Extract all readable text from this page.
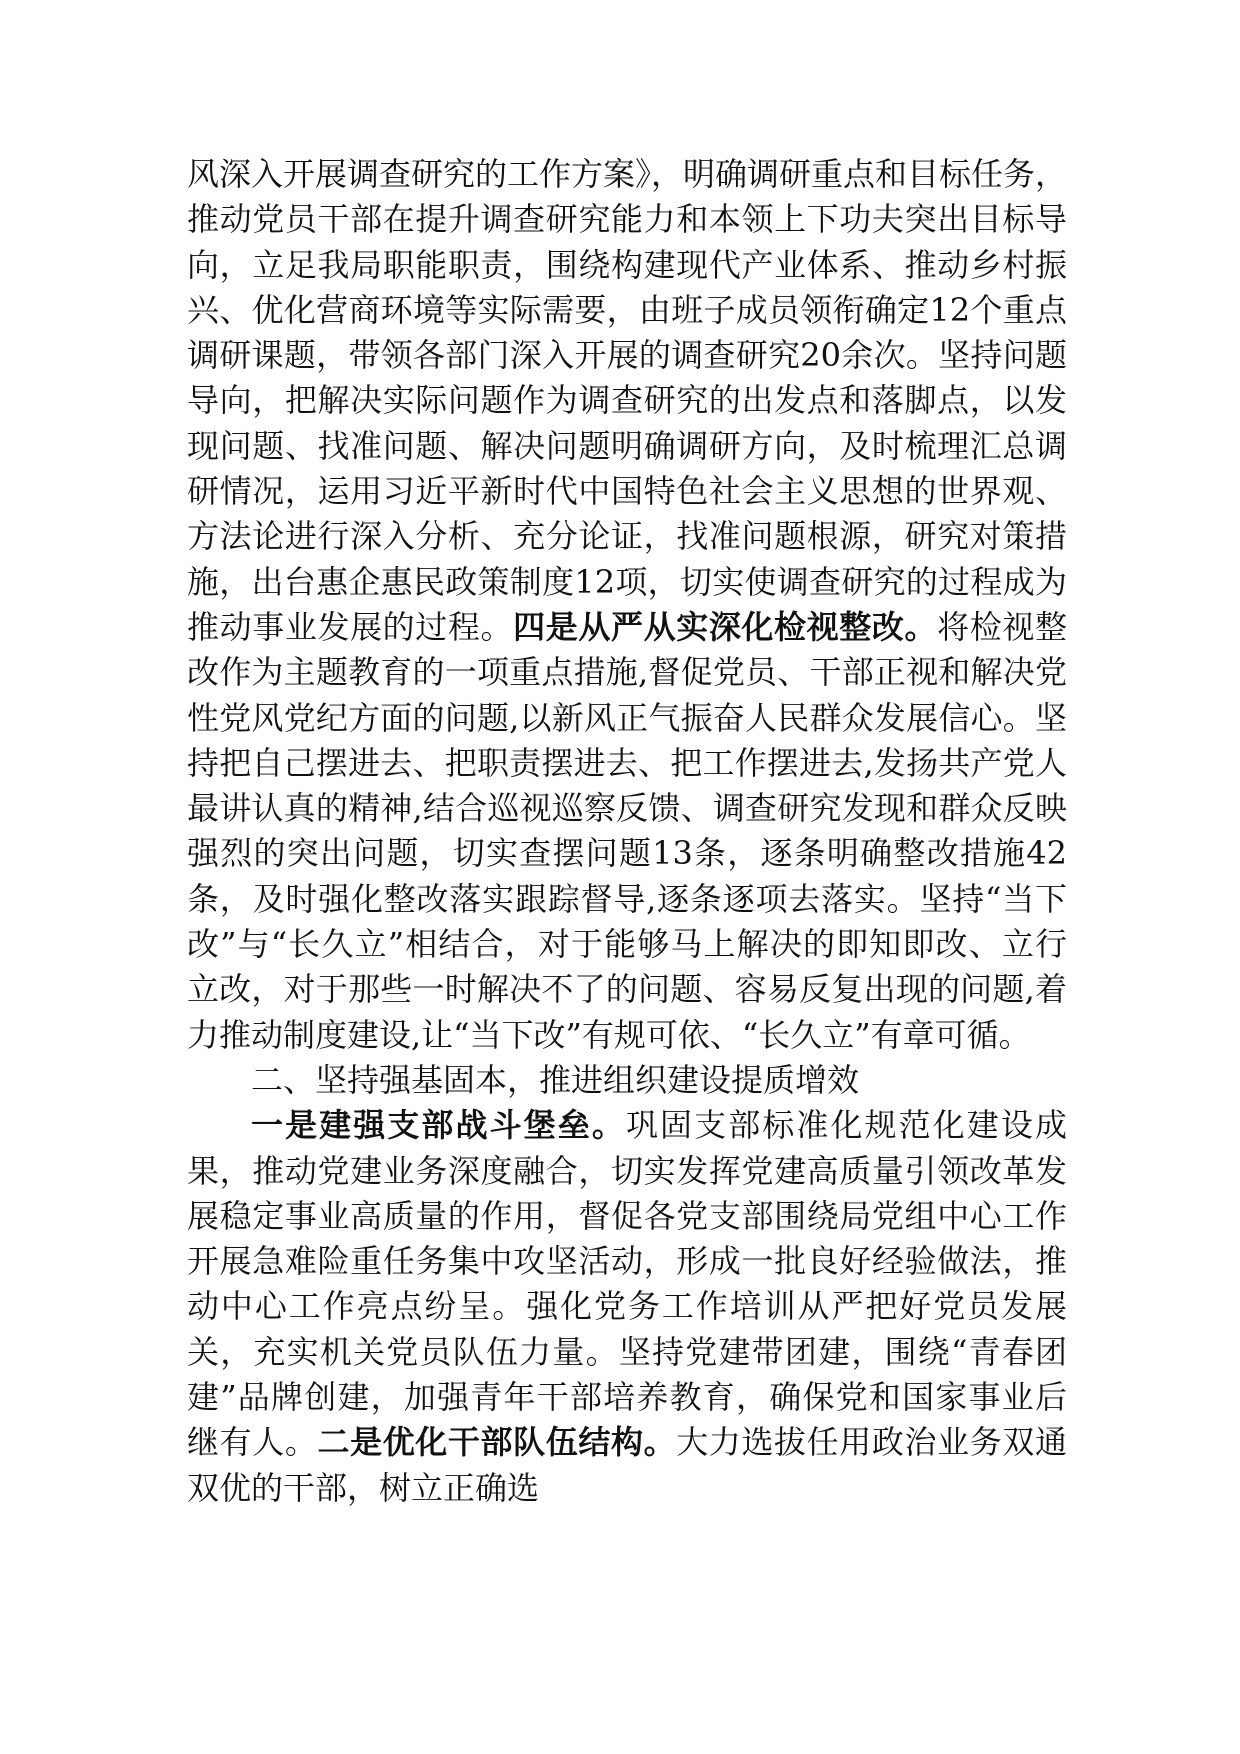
风深入开展调查研究的工作方案》，明确调研重点和目标任务，推动党员干部在提升调查研究能力和本领上下功夫突出目标导向，立足我局职能职责，围绕构建现代产业体系、推动乡村振兴、优化营商环境等实际需要，由班子成员领衔确定12个重点调研课题，带领各部门深入开展的调查研究20余次。坚持问题导向，把解决实际问题作为调查研究的出发点和落脚点，以发现问题、找准问题、解决问题明确调研方向，及时梳理汇总调研情况，运用习近平新时代中国特色社会主义思想的世界观、方法论进行深入分析、充分论证，找准问题根源，研究对策措施，出台惠企惠民政策制度12项，切实使调查研究的过程成为推动事业发展的过程。四是从严从实深化检视整改。将检视整改作为主题教育的一项重点措施,督促党员、干部正视和解决党性党风党纪方面的问题,以新风正气振奋人民群众发展信心。坚持把自己摆进去、把职责摆进去、把工作摆进去,发扬共产党人最讲认真的精神,结合巡视巡察反馈、调查研究发现和群众反映强烈的突出问题，切实查摆问题13条，逐条明确整改措施42条，及时强化整改落实跟踪督导,逐条逐项去落实。坚持“当下改”与“长久立”相结合，对于能够马上解决的即知即改、立行立改，对于那些一时解决不了的问题、容易反复出现的问题,着力推动制度建设,让“当下改”有规可依、“长久立”有章可循。

二、坚持强基固本，推进组织建设提质增效

一是建强支部战斗堡垒。巩固支部标准化规范化建设成果，推动党建业务深度融合，切实发挥党建高质量引领改革发展稳定事业高质量的作用，督促各党支部围绕局党组中心工作开展急难险重任务集中攻坚活动，形成一批良好经验做法，推动中心工作亮点纷呈。强化党务工作培训从严把好党员发展关，充实机关党员队伍力量。坚持党建带团建，围绕“青春团建”品牌创建，加强青年干部培养教育，确保党和国家事业后继有人。二是优化干部队伍结构。大力选拔任用政治业务双通双优的干部，树立正确选
